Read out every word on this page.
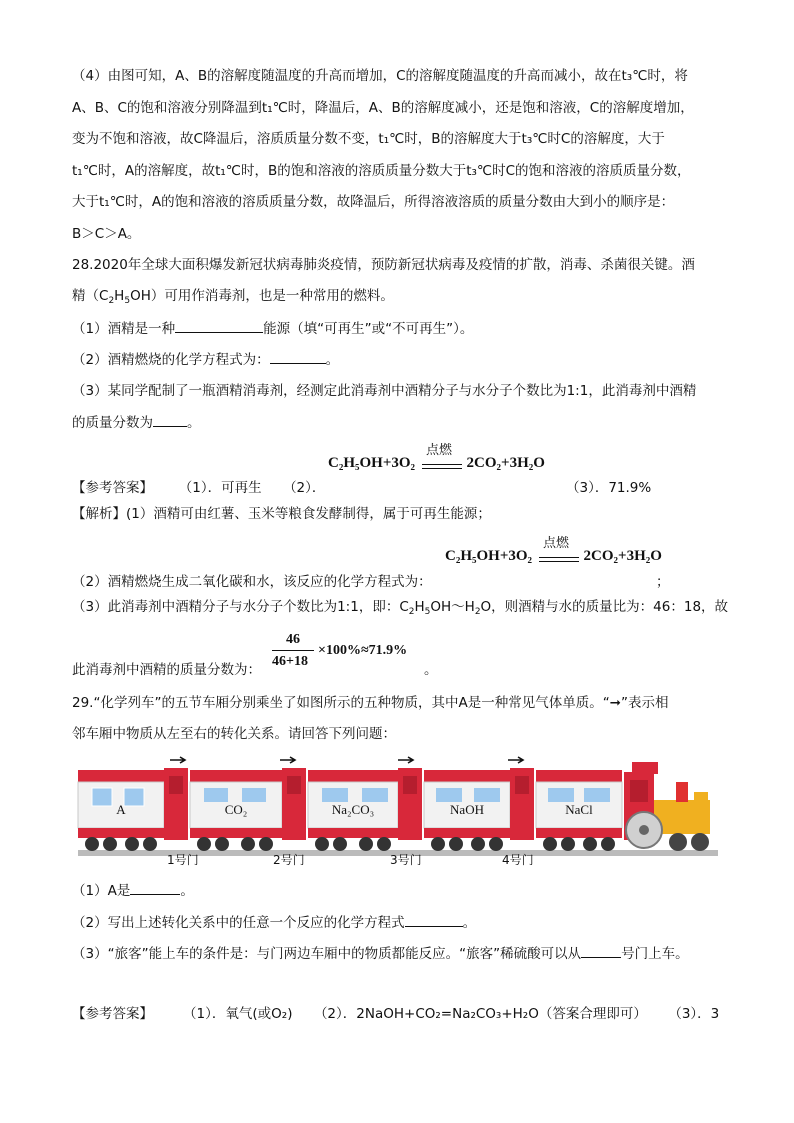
（4）由图可知，A、B的溶解度随温度的升高而增加，C的溶解度随温度的升高而减小，故在t₃℃时，将
A、B、C的饱和溶液分别降温到t₁℃时，降温后，A、B的溶解度减小，还是饱和溶液，C的溶解度增加，
变为不饱和溶液，故C降温后，溶质质量分数不变，t₁℃时，B的溶解度大于t₃℃时C的溶解度，大于
t₁℃时，A的溶解度，故t₁℃时，B的饱和溶液的溶质质量分数大于t₃℃时C的饱和溶液的溶质质量分数，
大于t₁℃时，A的饱和溶液的溶质质量分数，故降温后，所得溶液溶质的质量分数由大到小的顺序是：
B＞C＞A。
28.2020年全球大面积爆发新冠状病毒肺炎疫情，预防新冠状病毒及疫情的扩散，消毒、杀菌很关键。酒
精$(C_2H_5OH)$可用作消毒剂，也是一种常用的燃料。
（1）酒精是一种	能源（填“可再生”或“不可再生”）。
（2）酒精燃烧的化学方程式为：	。
（3）某同学配制了一瓶酒精消毒剂，经测定此消毒剂中酒精分子与水分子个数比为1:1，此消毒剂中酒精
的质量分数为	。
C₂H₅OH+3O₂
点燃
2CO₂+3H₂O
【参考答案】 （1）．可再生 （2）．	（3）．71.9%
【解析】(1）酒精可由红薯、玉米等粮食发酵制得，属于可再生能源；
C₂H₅OH+3O₂
点燃
2CO₂+3H₂O
（2）酒精燃烧生成二氧化碳和水，该反应的化学方程式为：	；
（3）此消毒剂中酒精分子与水分子个数比为1:1，即：$C_2H_5OH\sim H_2O$，则酒精与水的质量比为：46：18，故
46
46+18
×100%≈71.9%
此消毒剂中酒精的质量分数为：	。
29.“化学列车”的五节车厢分别乘坐了如图所示的五种物质，其中A是一种常见气体单质。“➞”表示相
邻车厢中物质从左至右的转化关系。请回答下列问题：
1号门	2号门	3号门	4号门
A	CO₂	Na₂CO₃	NaOH	NaCl
（1）A是	。
（2）写出上述转化关系中的任意一个反应的化学方程式	。
（3）“旅客”能上车的条件是：与门两边车厢中的物质都能反应。“旅客”稀硫酸可以从	号门上车。
【参考答案】 （1）．氧气(或O₂) （2）．2NaOH+CO₂=Na₂CO₃+H₂O（答案合理即可） （3）．3
